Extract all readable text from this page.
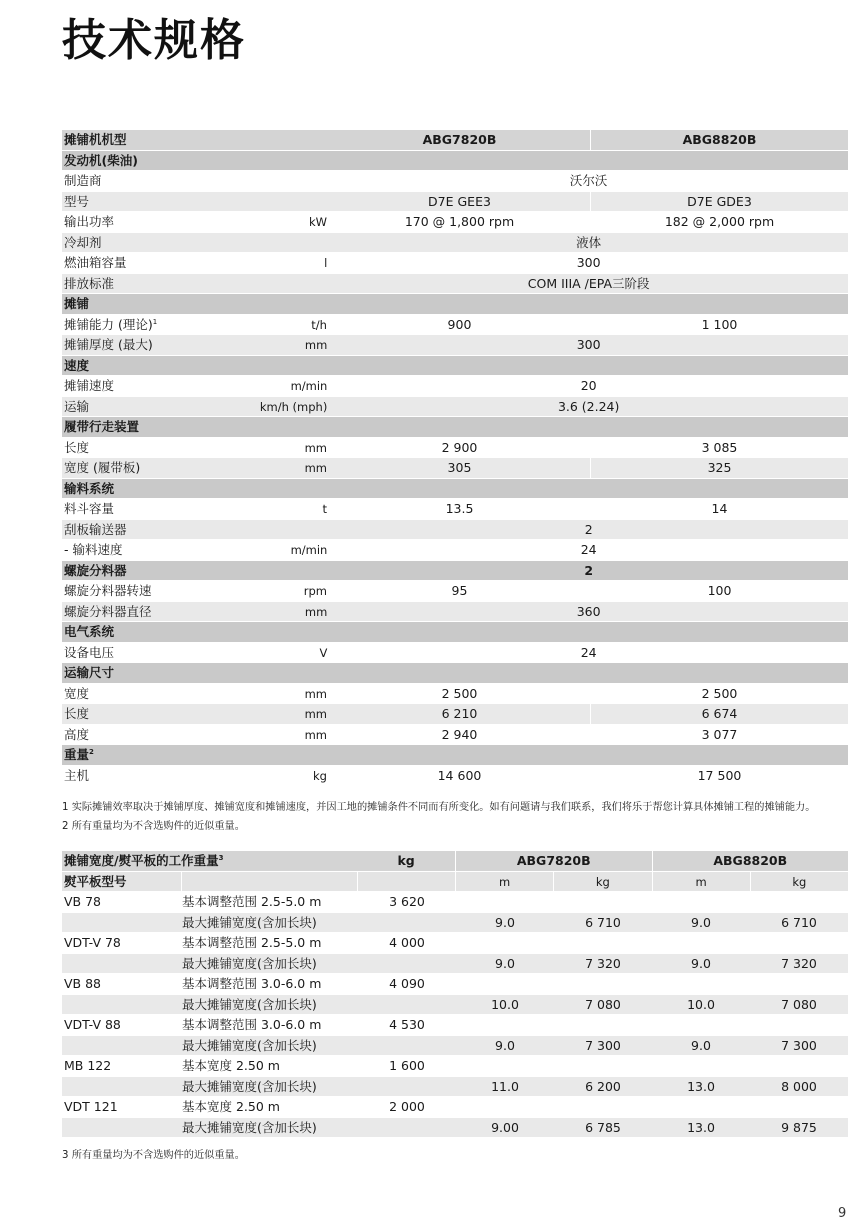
技术规格
摊铺机机型	ABG7820B	ABG8820B
发动机(柴油)
制造商	沃尔沃
型号	D7E GEE3	D7E GDE3
输出功率	kW	170 @ 1,800 rpm	182 @ 2,000 rpm
冷却剂	液体
燃油箱容量	l	300
排放标准	COM IIIA /EPA三阶段
摊铺
摊铺能力 (理论)$^1$	t/h	900	1 100
摊铺厚度 (最大)	mm	300
速度
摊铺速度	m/min	20
运输	km/h (mph)	3.6 (2.24)
履带行走装置
长度	mm	2 900	3 085
宽度 (履带板)	mm	305	325
输料系统
料斗容量	t	13.5	14
刮板输送器	2
- 输料速度	m/min	24
螺旋分料器	2
螺旋分料器转速	rpm	95	100
螺旋分料器直径	mm	360
电气系统
设备电压	V	24
运输尺寸
宽度	mm	2 500	2 500
长度	mm	6 210	6 674
高度	mm	2 940	3 077
重量$^2$
主机	kg	14 600	17 500
1 实际摊铺效率取决于摊铺厚度、摊铺宽度和摊铺速度，并因工地的摊铺条件不同而有所变化。如有问题请与我们联系，我们将乐于帮您计算具体摊铺工程的摊铺能力。
2 所有重量均为不含选购件的近似重量。
摊铺宽度/熨平板的工作重量$^3$	kg	ABG7820B	ABG8820B
熨平板型号	m	kg	m	kg
VB 78	基本调整范围 2.5-5.0 m	3 620
最大摊铺宽度(含加长块)	9.0	6 710	9.0	6 710
VDT-V 78	基本调整范围 2.5-5.0 m	4 000
最大摊铺宽度(含加长块)	9.0	7 320	9.0	7 320
VB 88	基本调整范围 3.0-6.0 m	4 090
最大摊铺宽度(含加长块)	10.0	7 080	10.0	7 080
VDT-V 88	基本调整范围 3.0-6.0 m	4 530
最大摊铺宽度(含加长块)	9.0	7 300	9.0	7 300
MB 122	基本宽度 2.50 m	1 600
最大摊铺宽度(含加长块)	11.0	6 200	13.0	8 000
VDT 121	基本宽度 2.50 m	2 000
最大摊铺宽度(含加长块)	9.00	6 785	13.0	9 875
3 所有重量均为不含选购件的近似重量。
9
